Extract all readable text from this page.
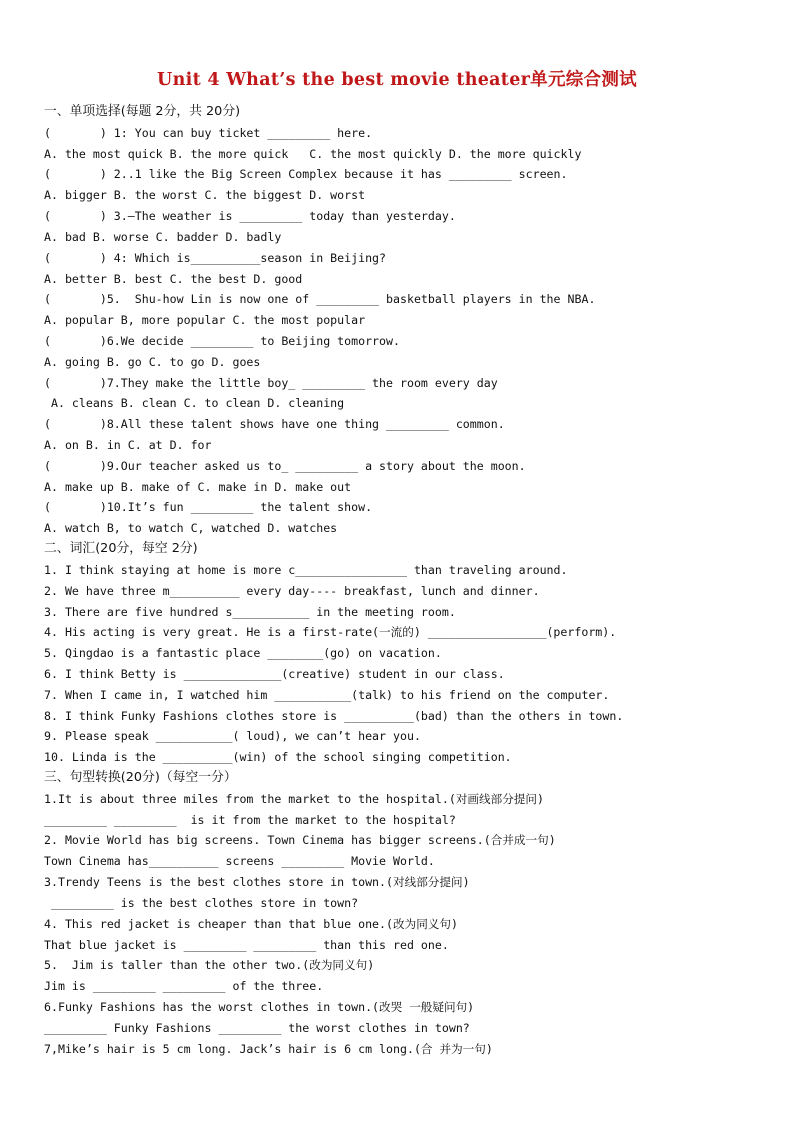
Unit 4 What’s the best movie theater单元综合测试
一、单项选择(每题 2分，共 20分)
(       ) 1: You can buy ticket _________ here.
A. the most quick B. the more quick   C. the most quickly D. the more quickly
(       ) 2..1 like the Big Screen Complex because it has _________ screen.
A. bigger B. the worst C. the biggest D. worst
(       ) 3.—The weather is _________ today than yesterday.
A. bad B. worse C. badder D. badly
(       ) 4: Which is__________season in Beijing?
A. better B. best C. the best D. good
(       )5.  Shu-how Lin is now one of _________ basketball players in the NBA.
A. popular B, more popular C. the most popular
(       )6.We decide _________ to Beijing tomorrow.
A. going B. go C. to go D. goes
(       )7.They make the little boy_ _________ the room every day
A. cleans B. clean C. to clean D. cleaning
(       )8.All these talent shows have one thing _________ common.
A. on B. in C. at D. for
(       )9.Our teacher asked us to_ _________ a story about the moon.
A. make up B. make of C. make in D. make out
(       )10.It’s fun _________ the talent show.
A. watch B, to watch C, watched D. watches
二、词汇(20分，每空 2分)
1. I think staying at home is more c________________ than traveling around.
2. We have three m__________ every day---- breakfast, lunch and dinner.
3. There are five hundred s___________ in the meeting room.
4. His acting is very great. He is a first-rate(一流的) _________________(perform).
5. Qingdao is a fantastic place ________(go) on vacation.
6. I think Betty is ______________(creative) student in our class.
7. When I came in, I watched him ___________(talk) to his friend on the computer.
8. I think Funky Fashions clothes store is __________(bad) than the others in town.
9. Please speak ___________( loud), we can’t hear you.
10. Linda is the __________(win) of the school singing competition.
三、句型转换(20分)（每空一分）
1.It is about three miles from the market to the hospital.(对画线部分提问)
_________ _________  is it from the market to the hospital?
2. Movie World has big screens. Town Cinema has bigger screens.(合并成一句)
Town Cinema has__________ screens _________ Movie World.
3.Trendy Teens is the best clothes store in town.(对线部分提问)
_________ is the best clothes store in town?
4. This red jacket is cheaper than that blue one.(改为同义句)
That blue jacket is _________ _________ than this red one.
5.  Jim is taller than the other two.(改为同义句)
Jim is _________ _________ of the three.
6.Funky Fashions has the worst clothes in town.(改哭 一般疑问句)
_________ Funky Fashions _________ the worst clothes in town?
7,Mike’s hair is 5 cm long. Jack’s hair is 6 cm long.(合 并为一句)
